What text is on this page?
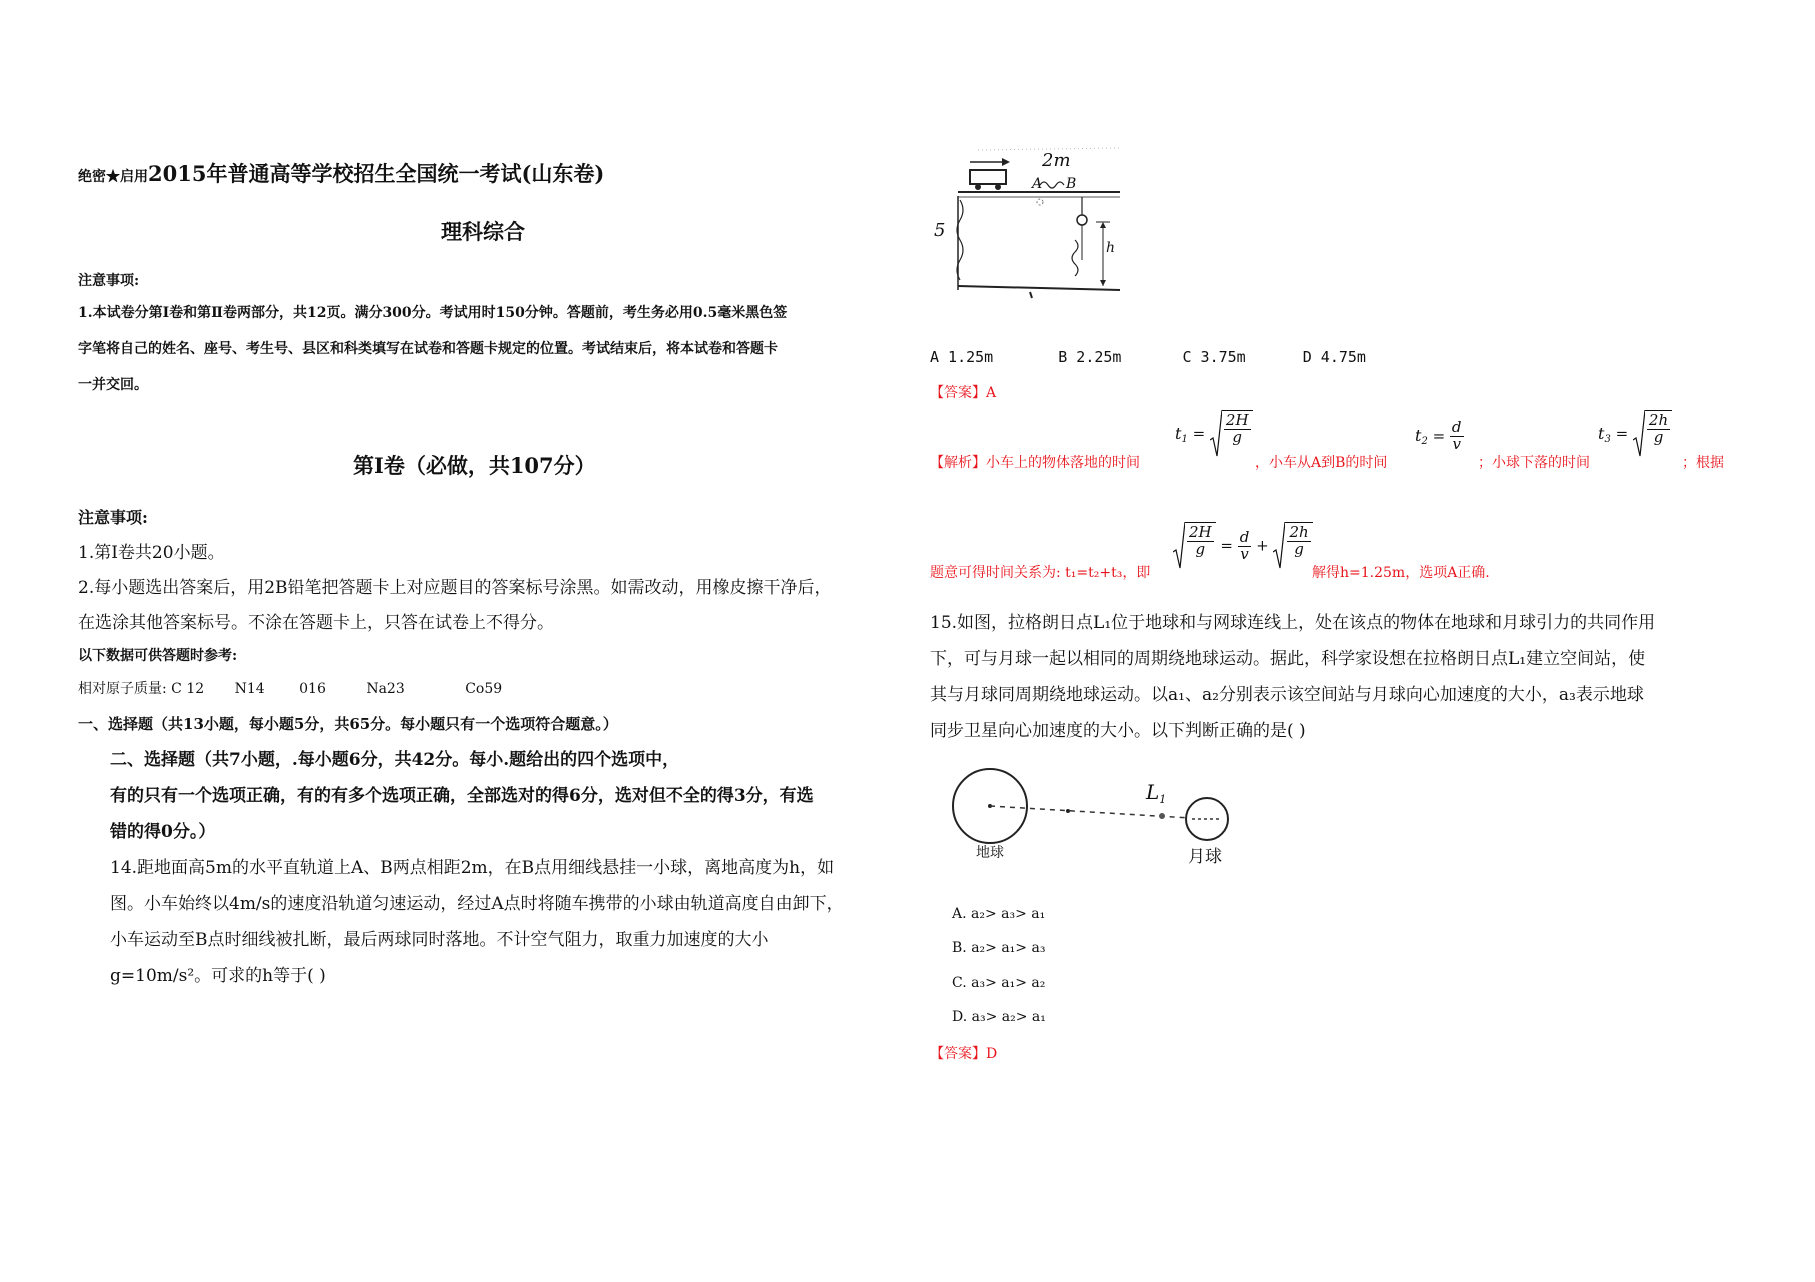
绝密★启用2015年普通高等学校招生全国统一考试(山东卷)
理科综合
注意事项:
1.本试卷分第Ⅰ卷和第Ⅱ卷两部分，共12页。满分300分。考试用时150分钟。答题前，考生务必用0.5毫米黑色签
字笔将自己的姓名、座号、考生号、县区和科类填写在试卷和答题卡规定的位置。考试结束后，将本试卷和答题卡
一并交回。
第Ⅰ卷（必做，共107分）
注意事项:
1.第Ⅰ卷共20小题。
2.每小题选出答案后，用2B铅笔把答题卡上对应题目的答案标号涂黑。如需改动，用橡皮擦干净后，
在选涂其他答案标号。不涂在答题卡上，只答在试卷上不得分。
以下数据可供答题时参考:
相对原子质量: C 12 N14 016	Na23	Co59
一、选择题（共13小题，每小题5分，共65分。每小题只有一个选项符合题意。）
二、选择题（共7小题，.每小题6分，共42分。每小.题给出的四个选项中，
有的只有一个选项正确，有的有多个选项正确，全部选对的得6分，选对但不全的得3分，有选
错的得0分。）
14.距地面高5m的水平直轨道上A、B两点相距2m，在B点用细线悬挂一小球，离地高度为h，如
图。小车始终以4m/s的速度沿轨道匀速运动，经过A点时将随车携带的小球由轨道高度自由卸下，
小车运动至B点时细线被扎断，最后两球同时落地。不计空气阻力，取重力加速度的大小
g=10m/s²。可求的h等于( )
2m
A B
h
5
A 1.25m	B 2.25m	C 3.75m	D 4.75m
【答案】A
【解析】小车上的物体落地的时间
$t_1 = \frac{2H}{g}$
，小车从A到B的时间
$t_2 = \frac{d}{v}$
；小球下落的时间
$t_3 = \frac{2h}{g}$
；根据
题意可得时间关系为: t₁=t₂+t₃，即
$\frac{2H}{g} = \frac{d}{v} + \frac{2h}{g}$
解得h=1.25m，选项A正确.
15.如图，拉格朗日点L₁位于地球和与网球连线上，处在该点的物体在地球和月球引力的共同作用
下，可与月球一起以相同的周期绕地球运动。据此，科学家设想在拉格朗日点L₁建立空间站，使
其与月球同周期绕地球运动。以a₁、a₂分别表示该空间站与月球向心加速度的大小，a₃表示地球
同步卫星向心加速度的大小。以下判断正确的是( )
地球	月球
$L_1$
A. a₂> a₃> a₁
B. a₂> a₁> a₃
C. a₃> a₁> a₂
D. a₃> a₂> a₁
【答案】D
